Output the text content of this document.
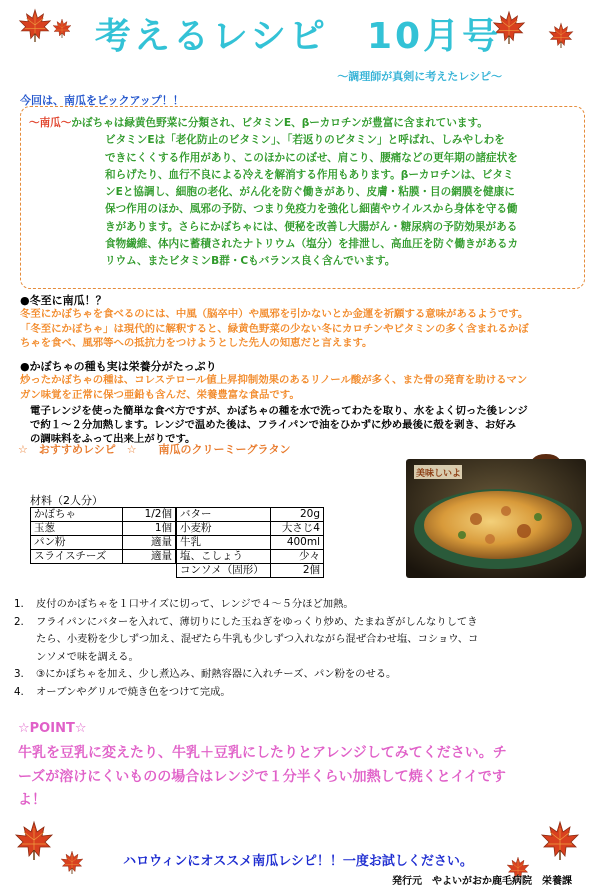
考えるレシピ　10月号
～調理師が真剣に考えたレシピ～
今回は、南瓜をピックアップ！！
～南瓜～かぼちゃは緑黄色野菜に分類され、ビタミンE、βーカロチンが豊富に含まれています。
ビタミンEは「老化防止のビタミン」、「若返りのビタミン」と呼ばれ、しみやしわを
できにくくする作用があり、このほかにのぼせ、肩こり、腰痛などの更年期の諸症状を
和らげたり、血行不良による冷えを解消する作用もあります。βーカロチンは、ビタミ
ンEと協調し、細胞の老化、がん化を防ぐ働きがあり、皮膚・粘膜・目の網膜を健康に
保つ作用のほか、風邪の予防、つまり免疫力を強化し細菌やウイルスから身体を守る働
きがあります。さらにかぼちゃには、便秘を改善し大腸がん・糖尿病の予防効果がある
食物繊維、体内に蓄積されたナトリウム（塩分）を排泄し、高血圧を防ぐ働きがあるカ
リウム、またビタミンB群・Cもバランス良く含んでいます。
●冬至に南瓜！？
冬至にかぼちゃを食べるのには、中風（脳卒中）や風邪を引かないとか金運を祈願する意味があるようです。
「冬至にかぼちゃ」は現代的に解釈すると、緑黄色野菜の少ない冬にカロチンやビタミンの多く含まれるかぼ
ちゃを食べ、風邪等への抵抗力をつけようとした先人の知恵だと言えます。
●かぼちゃの種も実は栄養分がたっぷり
炒ったかぼちゃの種は、コレステロール値上昇抑制効果のあるリノール酸が多く、また骨の発育を助けるマン
ガン味覚を正常に保つ亜鉛も含んだ、栄養豊富な食品です。
電子レンジを使った簡単な食べ方ですが、かぼちゃの種を水で洗ってわたを取り、水をよく切った後レンジ
で約１～２分加熱します。レンジで温めた後は、フライパンで油をひかずに炒め最後に殻を剥き、お好み
の調味料をふって出来上がりです。
☆　おすすめレシピ　☆　　南瓜のクリーミーグラタン
美味しいよ
材料（2人分）
かぼちゃ	1/2個
玉葱	1個
パン粉	適量
スライスチーズ	適量
バター	20g
小麦粉	大さじ4
牛乳	400ml
塩、こしょう	少々
コンソメ（固形）	2個
1.	皮付のかぼちゃを１口サイズに切って、レンジで４～５分ほど加熱。
2.	フライパンにバターを入れて、薄切りにした玉ねぎをゆっくり炒め、たまねぎがしんなりしてき
たら、小麦粉を少しずつ加え、混ぜたら牛乳も少しずつ入れながら混ぜ合わせ塩、コショウ、コ
ンソメで味を調える。
3.	③にかぼちゃを加え、少し煮込み、耐熱容器に入れチーズ、パン粉をのせる。
4.	オーブンやグリルで焼き色をつけて完成。
☆POINT☆
牛乳を豆乳に変えたり、牛乳＋豆乳にしたりとアレンジしてみてください。チ
ーズが溶けにくいものの場合はレンジで１分半くらい加熱して焼くとイイです
よ！
ハロウィンにオススメ南瓜レシピ！！一度お試しください。
発行元　やよいがおか鹿毛病院　栄養課
